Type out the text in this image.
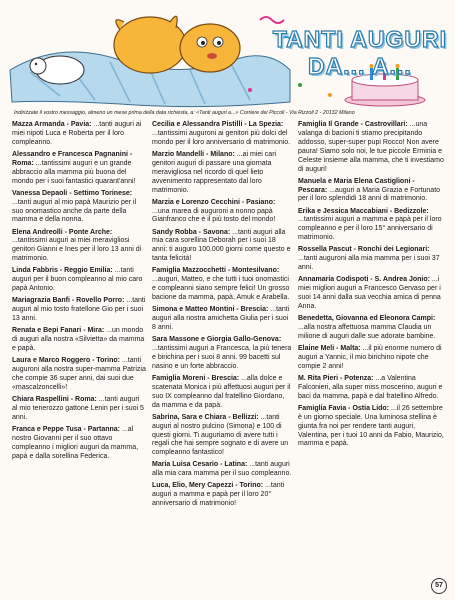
TANTI AUGURI
DA... A...
Indirizzate il vostro messaggio, almeno un mese prima della data richiesta, a: «Tanti auguri a...» Corriere dei Piccoli - Via Rizzoli 2 - 20132 Milano

Mazza Armanda - Pavia: ...tanti auguri ai miei nipoti Luca e Roberta per il loro compleanno.

Alessandro e Francesca Pagnanini - Roma: ...tantissimi auguri e un grande abbraccio alla mamma più buona del mondo per i suoi fantastici quarant'anni!

Vanessa Depaoli - Settimo Torinese: ...tanti auguri al mio papà Maurizio per il suo onomastico anche da parte della mamma e della nonna.

Elena Andreolli - Ponte Arche: ...tantissimi auguri ai miei meravigliosi genitori Gianni e Ines per il loro 13 anni di matrimonio.

Linda Fabbris - Reggio Emilia: ...tanti auguri per il buon compleanno al mio caro papà Antonio.

Mariagrazia Banfi - Rovello Porro: ...tanti auguri al mio tosto fratellone Gio per i suoi 13 anni.

Renata e Bepi Fanari - Mira: ...un mondo di auguri alla nostra «Silvietta» da mamma e papà.

Laura e Marco Roggero - Torino: ...tanti auguroni alla nostra super-mamma Patrizia che compie 36 super anni, dai suoi due «mascalzoncelli»!

Chiara Raspellini - Roma: ...tanti auguri al mio tenerozzo gattone Lenin per i suoi 5 anni.

Franca e Peppe Tusa - Partanna: ...al nostro Giovanni per il suo ottavo compleanno i migliori auguri da mamma, papà e dalla sorellina Federica.

Cecilia e Alessandra Pistilli - La Spezia: ...tantissimi auguroni ai genitori più dolci del mondo per il loro anniversario di matrimonio.

Marzio Mandelli - Milano: ...ai miei cari genitori auguri di passare una giornata meravigliosa nel ricordo di quel lieto avvenimento rappresentato dal loro matrimonio.

Marzia e Lorenzo Cecchini - Pasiano: ...una marea di auguroni a nonno papà Gianfranco che è il più tosto del mondo!

Sandy Robba - Savona: ...tanti auguri alla mia cara sorellina Deborah per i suoi 18 anni: ti auguro 100.000 giorni come questo e tanta felicità!

Famiglia Mazzocchetti - Montesilvano: ...auguri, Matteo, e che tutti i tuoi onomastici e compleanni siano sempre felici! Un grosso bacione da mamma, papà, Amuk e Arabella.

Simona e Matteo Montini - Brescia: ...tanti auguri alla nostra amichetta Giulia per i suoi 8 anni.

Sara Massone e Giorgia Gallo-Genova: ...tantissimi auguri a Francesca, la più tenera e birichina per i suoi 8 anni. 99 bacetti sul nasino e un forte abbraccio.

Famiglia Moreni - Brescia: ...alla dolce e scatenata Monica i più affettuosi auguri per il suo IX compleanno dal fratellino Giordano, da mamma e da papà.

Sabrina, Sara e Chiara - Bellizzi: ...tanti auguri al nostro pulcino (Simona) e 100 di questi giorni. Ti auguriamo di avere tutti i regali che hai sempre sognato e di avere un compleanno fantastico!

Maria Luisa Cesario - Latina: ...tanti auguri alla mia cara mamma per il suo compleanno.

Luca, Elio, Mery Capezzi - Torino: ...tanti auguri a mamma e papà per il loro 20° anniversario di matrimonio!

Famiglia Il Grande - Castrovillari: ...una valanga di bacioni ti stiamo precipitando addosso, super-super pupi Rocco! Non avere paura! Siamo solo noi, le tue piccole Erminia e Celeste insieme alla mamma, che ti investiamo di auguri!

Manuela e Maria Elena Castiglioni - Pescara: ...auguri a Maria Grazia e Fortunato per il loro splendidi 18 anni di matrimonio.

Erika e Jessica Maccabiani - Bedizzole: ...tantissimi auguri a mamma e papà per il loro compleanno e per il loro 15° anniversario di matrimonio.

Rossella Pascut - Ronchi dei Legionari: ...tanti auguroni alla mia mamma per i suoi 37 anni.

Annamaria Codispoti - S. Andrea Jonio: ...i miei migliori auguri a Francesco Gervaso per i suoi 14 anni dalla sua vecchia amica di penna Anna.

Benedetta, Giovanna ed Eleonora Campi: ...alla nostra affettuosa mamma Claudia un milione di auguri dalle sue adorate bambine.

Elaine Meli - Malta: ...il più enorme numero di auguri a Yannic, il mio birichino nipote che compie 2 anni!

M. Rita Pieri - Potenza: ...a Valentina Falconieri, alla super miss moscerino, auguri e baci da mamma, papà e dal fratellino Alfredo.

Famiglia Favia - Ostia Lido: ...il 26 settembre è un giorno speciale. Una luminosa stellina è giunta fra noi per rendere tanti auguri, Valentina, per i tuoi 10 anni da Fabio, Maurizio, mamma e papà.

57
